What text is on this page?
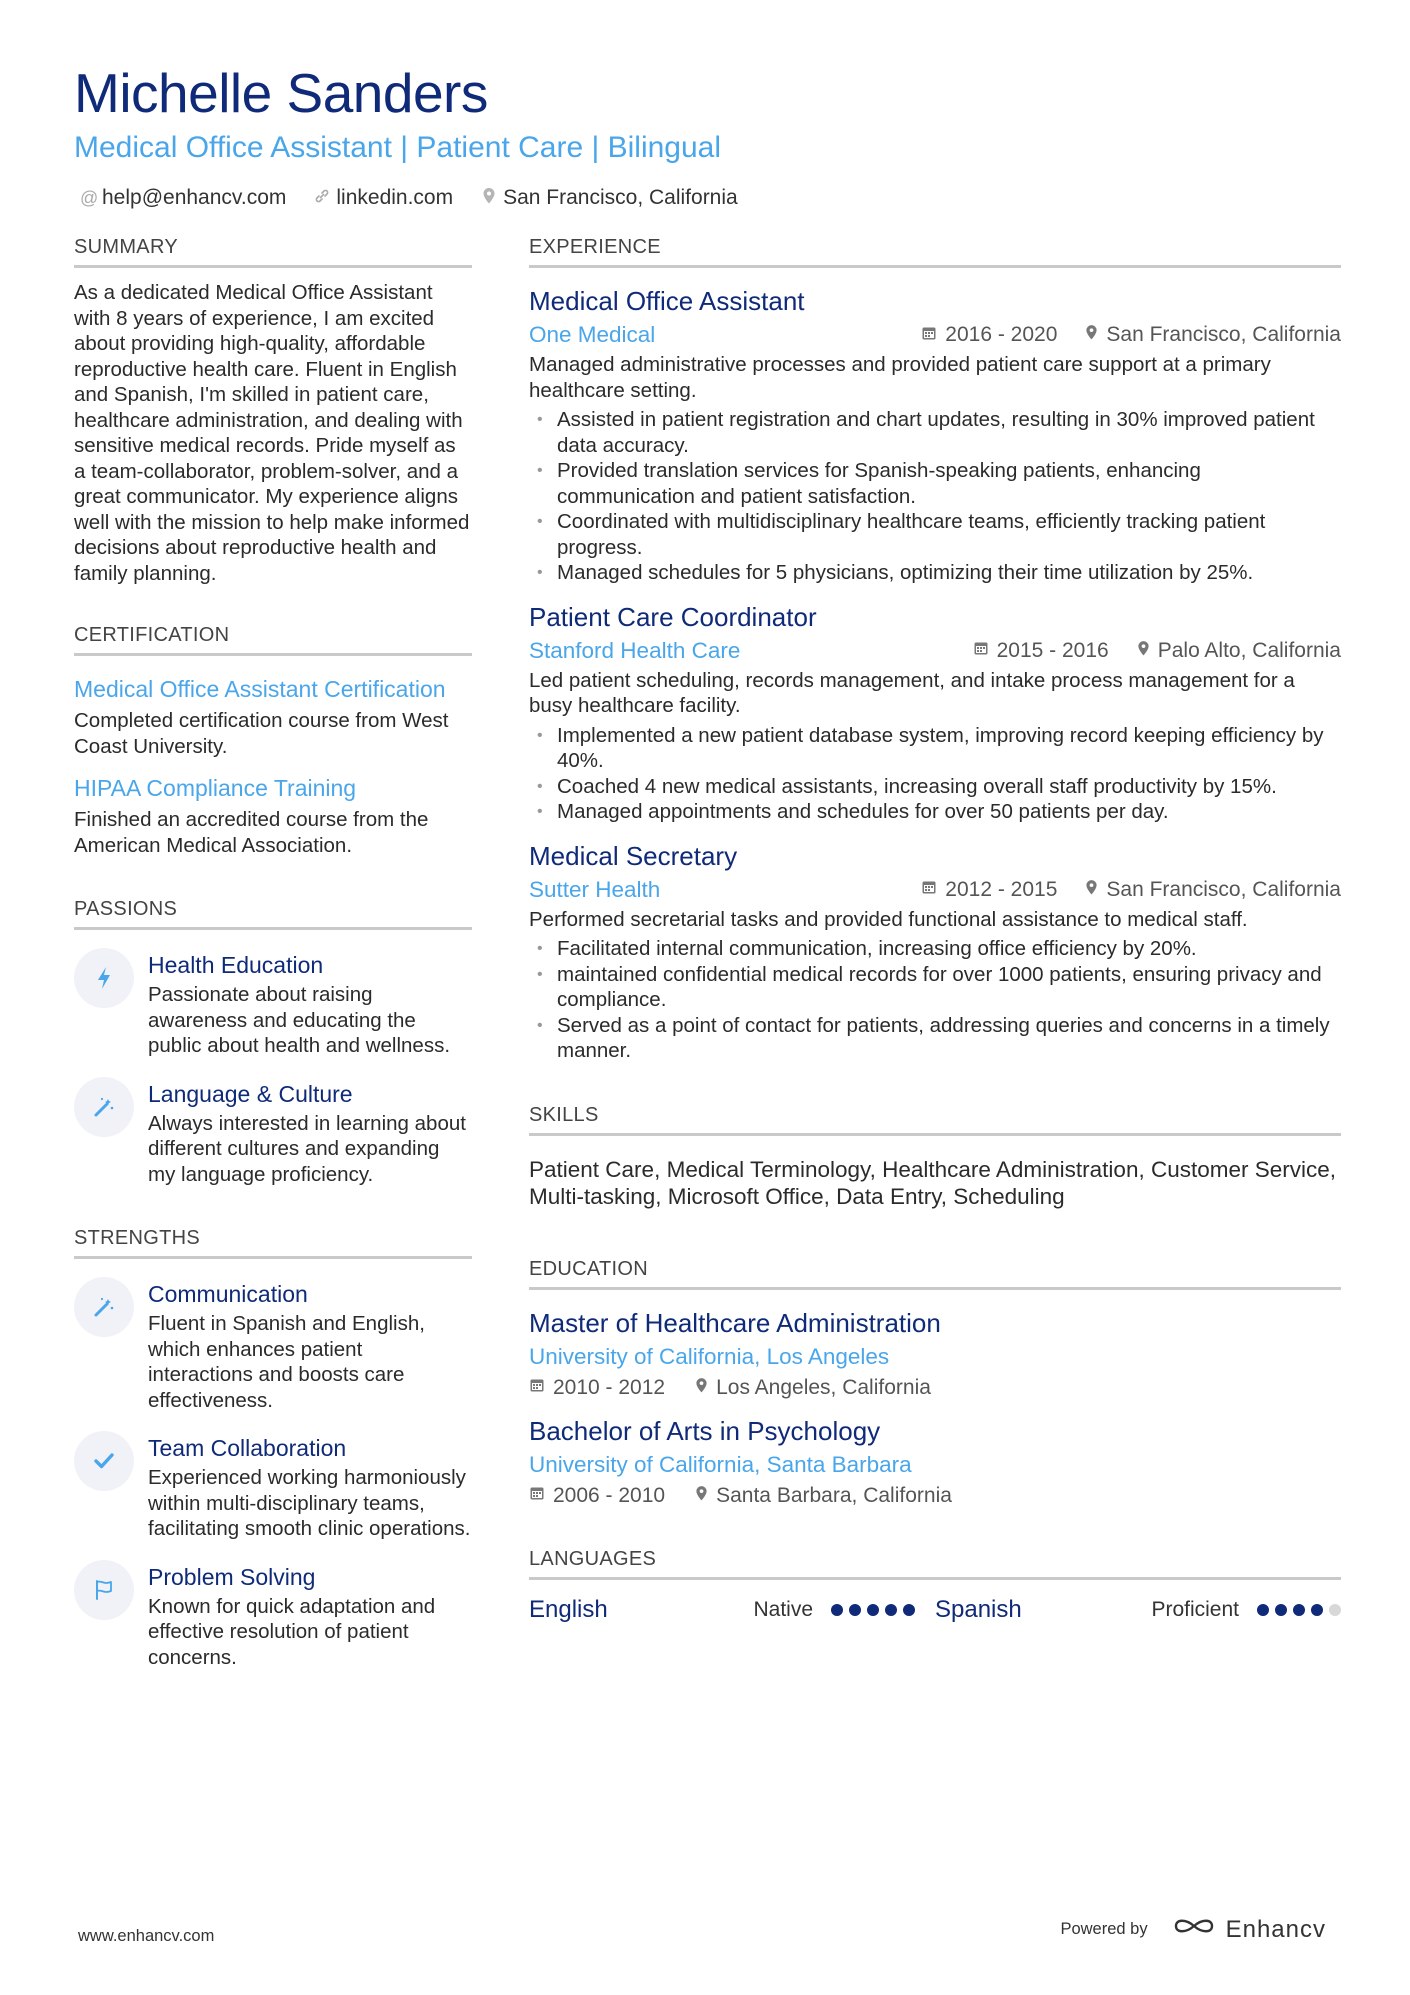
Michelle Sanders
Medical Office Assistant | Patient Care | Bilingual
@ help@enhancv.com linkedin.com San Francisco, California
SUMMARY
As a dedicated Medical Office Assistant with 8 years of experience, I am excited about providing high-quality, affordable reproductive health care. Fluent in English and Spanish, I'm skilled in patient care, healthcare administration, and dealing with sensitive medical records. Pride myself as a team-collaborator, problem-solver, and a great communicator. My experience aligns well with the mission to help make informed decisions about reproductive health and family planning.
CERTIFICATION
Medical Office Assistant Certification
Completed certification course from West Coast University.
HIPAA Compliance Training
Finished an accredited course from the American Medical Association.
PASSIONS
Health Education
Passionate about raising awareness and educating the public about health and wellness.
Language & Culture
Always interested in learning about different cultures and expanding my language proficiency.
STRENGTHS
Communication
Fluent in Spanish and English, which enhances patient interactions and boosts care effectiveness.
Team Collaboration
Experienced working harmoniously within multi-disciplinary teams, facilitating smooth clinic operations.
Problem Solving
Known for quick adaptation and effective resolution of patient concerns.
EXPERIENCE
Medical Office Assistant
One Medical	2016 - 2020 San Francisco, California
Managed administrative processes and provided patient care support at a primary healthcare setting.
• Assisted in patient registration and chart updates, resulting in 30% improved patient data accuracy.
• Provided translation services for Spanish-speaking patients, enhancing communication and patient satisfaction.
• Coordinated with multidisciplinary healthcare teams, efficiently tracking patient progress.
• Managed schedules for 5 physicians, optimizing their time utilization by 25%.
Patient Care Coordinator
Stanford Health Care	2015 - 2016 Palo Alto, California
Led patient scheduling, records management, and intake process management for a busy healthcare facility.
• Implemented a new patient database system, improving record keeping efficiency by 40%.
• Coached 4 new medical assistants, increasing overall staff productivity by 15%.
• Managed appointments and schedules for over 50 patients per day.
Medical Secretary
Sutter Health	2012 - 2015 San Francisco, California
Performed secretarial tasks and provided functional assistance to medical staff.
• Facilitated internal communication, increasing office efficiency by 20%.
• maintained confidential medical records for over 1000 patients, ensuring privacy and compliance.
• Served as a point of contact for patients, addressing queries and concerns in a timely manner.
SKILLS
Patient Care, Medical Terminology, Healthcare Administration, Customer Service, Multi-tasking, Microsoft Office, Data Entry, Scheduling
EDUCATION
Master of Healthcare Administration
University of California, Los Angeles
2010 - 2012 Los Angeles, California
Bachelor of Arts in Psychology
University of California, Santa Barbara
2006 - 2010 Santa Barbara, California
LANGUAGES
English	Native	Spanish	Proficient
www.enhancv.com	Powered by	Enhancv
